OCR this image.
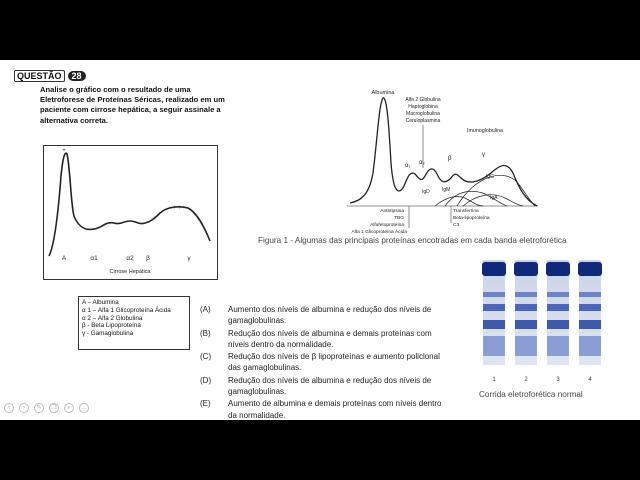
QUESTÃO	28
Analise o gráfico com o resultado de uma
Eletroforese de Proteínas Séricas, realizado em um
paciente com cirrose hepática, a seguir assinale a
alternativa correta.
+
↑ ↑
A	α1	α2 β	γ
Cirrose Hepática
A – Albumina
α 1 – Alfa 1 Glicoproteína Ácida
α 2 – Alfa 2 Globulina
β - Beta Lipoproteína
γ - Gamaglobulina
(A)	Aumento dos níveis de albumina e redução dos níveis de gamaglobulinas.
(B)	Redução dos níveis de albumina e demais proteínas com níveis dentro da normalidade.
(C)	Redução dos níveis de β lipoproteínas e aumento policlonal das gamaglobulinas.
(D)	Redução dos níveis de albumina e redução dos níveis de gamaglobulinas.
(E)	Aumento de albumina e demais proteínas com níveis dentro da normalidade.
Albumina
Alfa 2 Globulina
Haptoglobina
Macroglobulina
Ceruloplasmina
Imunoglobulina
α₁ α₂
β
γ
IgG
IgD IgM
IgA
Antitripsina
TBG
Alfafetoproteína
Alfa 1 Glicoproteína Ácida
Transferrina
Beta-lipoproteína
C3
Figura 1 - Algumas das principais proteínas encotradas em cada banda eletroforética
1	2	3	4
Corrida eletroforética normal
‹	›	✎	❐	⌕	…
